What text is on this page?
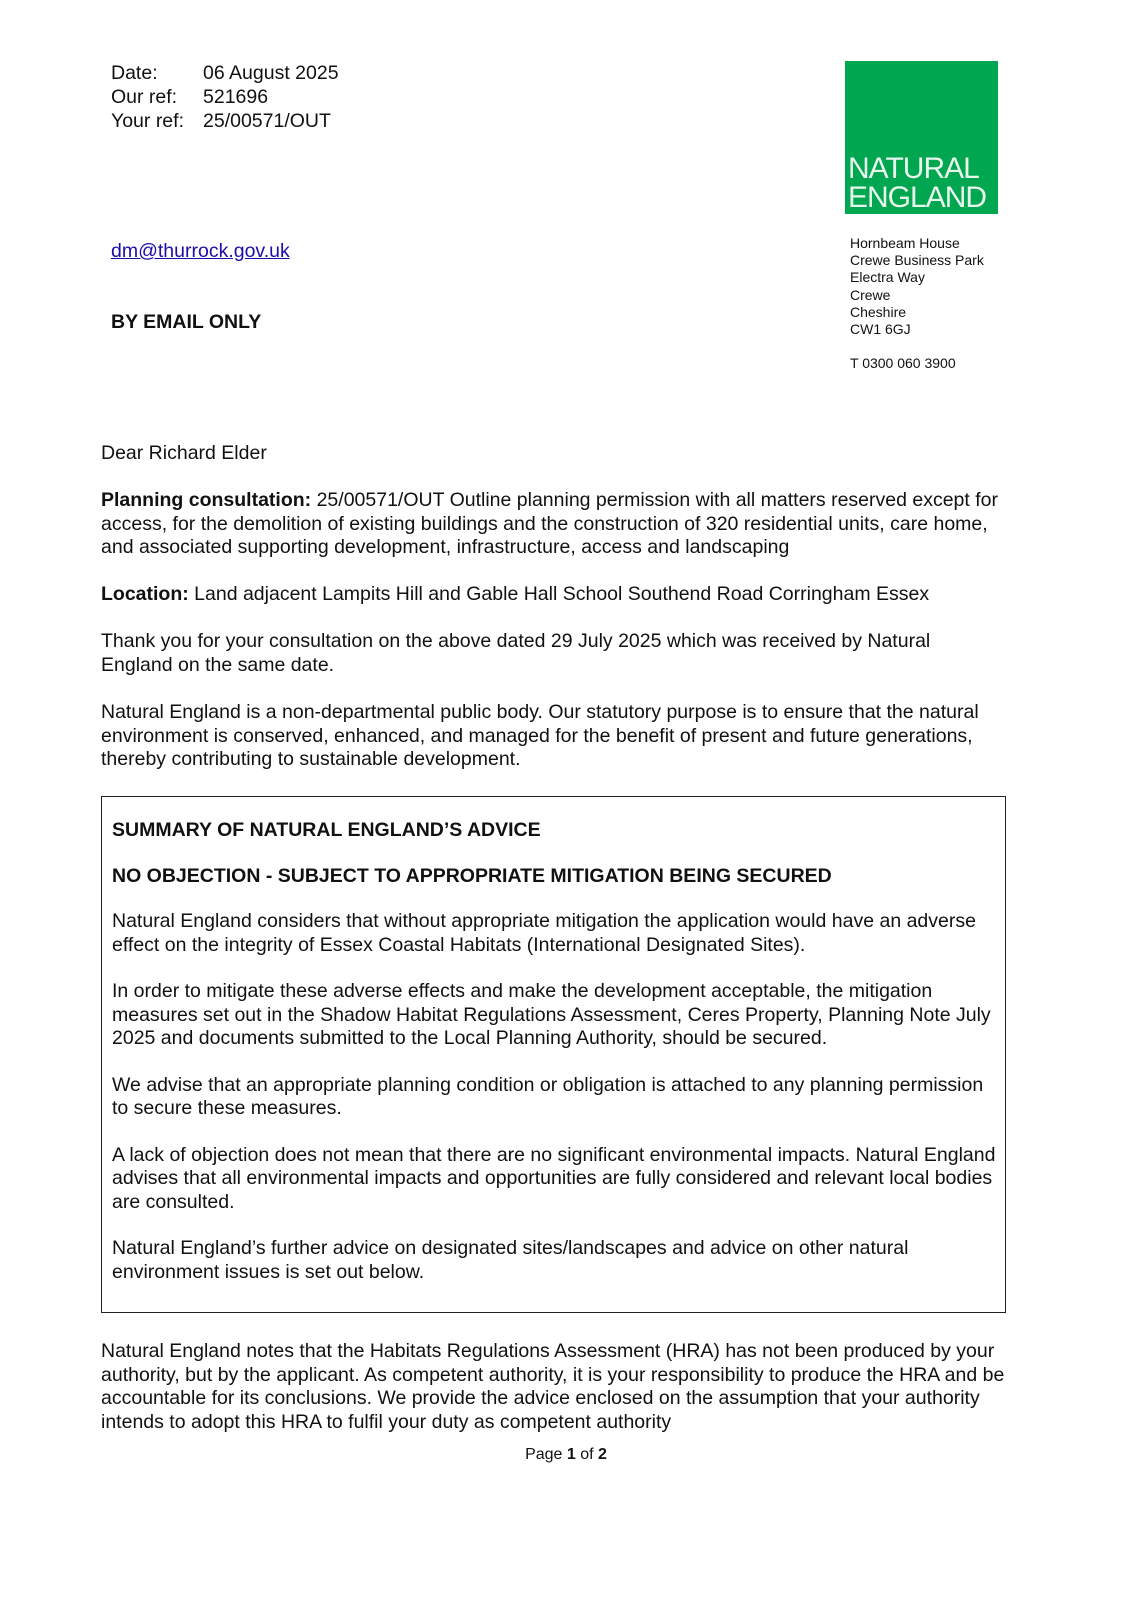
Date:	06 August 2025
Our ref:	521696
Your ref: 25/00571/OUT
NATURAL
ENGLAND
Hornbeam House
Crewe Business Park
Electra Way
Crewe
Cheshire
CW1 6GJ
T 0300 060 3900
dm@thurrock.gov.uk
BY EMAIL ONLY
Dear Richard Elder
Planning consultation: 25/00571/OUT Outline planning permission with all matters reserved except for access, for the demolition of existing buildings and the construction of 320 residential units, care home, and associated supporting development, infrastructure, access and landscaping
Location: Land adjacent Lampits Hill and Gable Hall School Southend Road Corringham Essex
Thank you for your consultation on the above dated 29 July 2025 which was received by Natural England on the same date.
Natural England is a non-departmental public body. Our statutory purpose is to ensure that the natural environment is conserved, enhanced, and managed for the benefit of present and future generations, thereby contributing to sustainable development.

SUMMARY OF NATURAL ENGLAND’S ADVICE

NO OBJECTION - SUBJECT TO APPROPRIATE MITIGATION BEING SECURED

Natural England considers that without appropriate mitigation the application would have an adverse effect on the integrity of Essex Coastal Habitats (International Designated Sites).

In order to mitigate these adverse effects and make the development acceptable, the mitigation measures set out in the Shadow Habitat Regulations Assessment, Ceres Property, Planning Note July 2025 and documents submitted to the Local Planning Authority, should be secured.

We advise that an appropriate planning condition or obligation is attached to any planning permission to secure these measures.

A lack of objection does not mean that there are no significant environmental impacts. Natural England advises that all environmental impacts and opportunities are fully considered and relevant local bodies are consulted.

Natural England’s further advice on designated sites/landscapes and advice on other natural environment issues is set out below.

Natural England notes that the Habitats Regulations Assessment (HRA) has not been produced by your authority, but by the applicant. As competent authority, it is your responsibility to produce the HRA and be accountable for its conclusions. We provide the advice enclosed on the assumption that your authority intends to adopt this HRA to fulfil your duty as competent authority
Page 1 of 2
